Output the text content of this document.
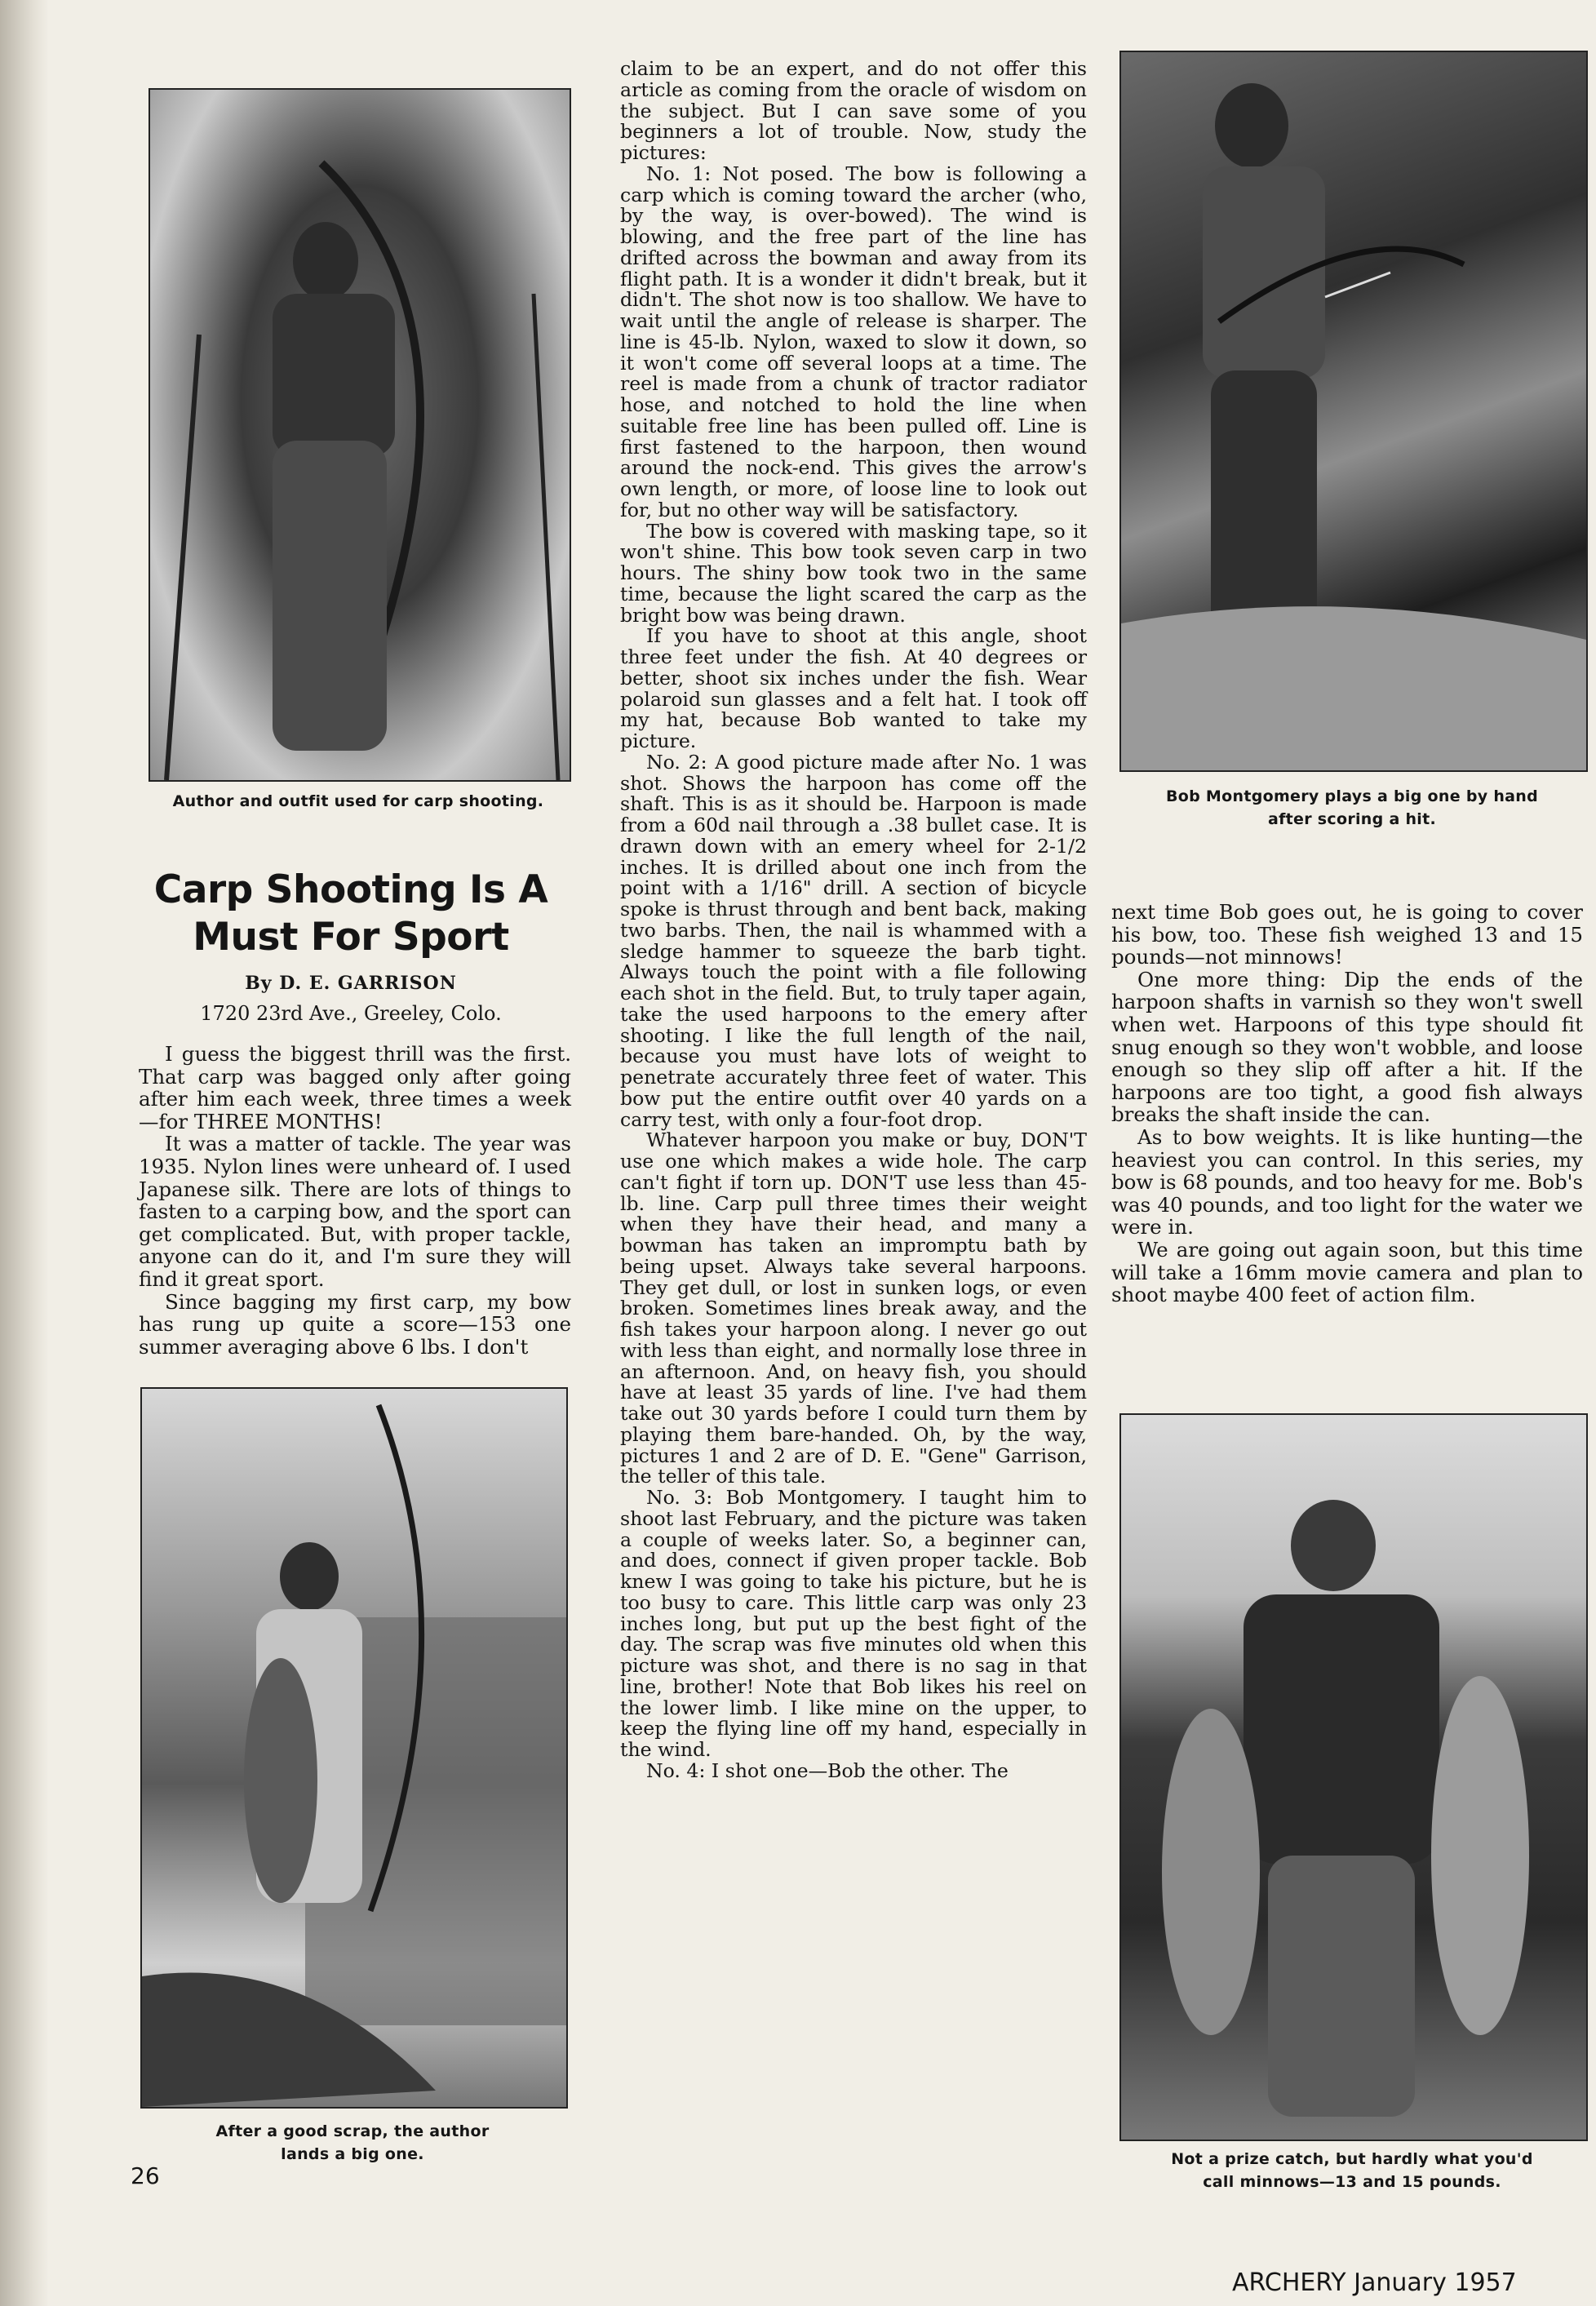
Author and outfit used for carp shooting.
After a good scrap, the author
lands a big one.
Bob Montgomery plays a big one by hand
after scoring a hit.
Not a prize catch, but hardly what you'd
call minnows—13 and 15 pounds.
Carp Shooting Is A
Must For Sport
By D. E. GARRISON
1720 23rd Ave., Greeley, Colo.

I guess the biggest thrill was the first. That carp was bagged only after going after him each week, three times a week—for THREE MONTHS!

It was a matter of tackle. The year was 1935. Nylon lines were unheard of. I used Japanese silk. There are lots of things to fasten to a carping bow, and the sport can get complicated. But, with proper tackle, anyone can do it, and I'm sure they will find it great sport.

Since bagging my first carp, my bow has rung up quite a score—153 one summer averaging above 6 lbs. I don't

claim to be an expert, and do not offer this article as coming from the oracle of wisdom on the subject. But I can save some of you beginners a lot of trouble. Now, study the pictures:

No. 1: Not posed. The bow is following a carp which is coming toward the archer (who, by the way, is over-bowed). The wind is blowing, and the free part of the line has drifted across the bowman and away from its flight path. It is a wonder it didn't break, but it didn't. The shot now is too shallow. We have to wait until the angle of release is sharper. The line is 45-lb. Nylon, waxed to slow it down, so it won't come off several loops at a time. The reel is made from a chunk of tractor radiator hose, and notched to hold the line when suitable free line has been pulled off. Line is first fastened to the harpoon, then wound around the nock-end. This gives the arrow's own length, or more, of loose line to look out for, but no other way will be satisfactory.

The bow is covered with masking tape, so it won't shine. This bow took seven carp in two hours. The shiny bow took two in the same time, because the light scared the carp as the bright bow was being drawn.

If you have to shoot at this angle, shoot three feet under the fish. At 40 degrees or better, shoot six inches under the fish. Wear polaroid sun glasses and a felt hat. I took off my hat, because Bob wanted to take my picture.

No. 2: A good picture made after No. 1 was shot. Shows the harpoon has come off the shaft. This is as it should be. Harpoon is made from a 60d nail through a .38 bullet case. It is drawn down with an emery wheel for 2-1/2 inches. It is drilled about one inch from the point with a 1/16" drill. A section of bicycle spoke is thrust through and bent back, making two barbs. Then, the nail is whammed with a sledge hammer to squeeze the barb tight. Always touch the point with a file following each shot in the field. But, to truly taper again, take the used harpoons to the emery after shooting. I like the full length of the nail, because you must have lots of weight to penetrate accurately three feet of water. This bow put the entire outfit over 40 yards on a carry test, with only a four-foot drop.

Whatever harpoon you make or buy, DON'T use one which makes a wide hole. The carp can't fight if torn up. DON'T use less than 45-lb. line. Carp pull three times their weight when they have their head, and many a bowman has taken an impromptu bath by being upset. Always take several harpoons. They get dull, or lost in sunken logs, or even broken. Sometimes lines break away, and the fish takes your harpoon along. I never go out with less than eight, and normally lose three in an afternoon. And, on heavy fish, you should have at least 35 yards of line. I've had them take out 30 yards before I could turn them by playing them bare-handed. Oh, by the way, pictures 1 and 2 are of D. E. "Gene" Garrison, the teller of this tale.

No. 3: Bob Montgomery. I taught him to shoot last February, and the picture was taken a couple of weeks later. So, a beginner can, and does, connect if given proper tackle. Bob knew I was going to take his picture, but he is too busy to care. This little carp was only 23 inches long, but put up the best fight of the day. The scrap was five minutes old when this picture was shot, and there is no sag in that line, brother! Note that Bob likes his reel on the lower limb. I like mine on the upper, to keep the flying line off my hand, especially in the wind.

No. 4: I shot one—Bob the other. The

next time Bob goes out, he is going to cover his bow, too. These fish weighed 13 and 15 pounds—not minnows!

One more thing: Dip the ends of the harpoon shafts in varnish so they won't swell when wet. Harpoons of this type should fit snug enough so they won't wobble, and loose enough so they slip off after a hit. If the harpoons are too tight, a good fish always breaks the shaft inside the can.

As to bow weights. It is like hunting—the heaviest you can control. In this series, my bow is 68 pounds, and too heavy for me. Bob's was 40 pounds, and too light for the water we were in.

We are going out again soon, but this time will take a 16mm movie camera and plan to shoot maybe 400 feet of action film.

26
ARCHERY January 1957
